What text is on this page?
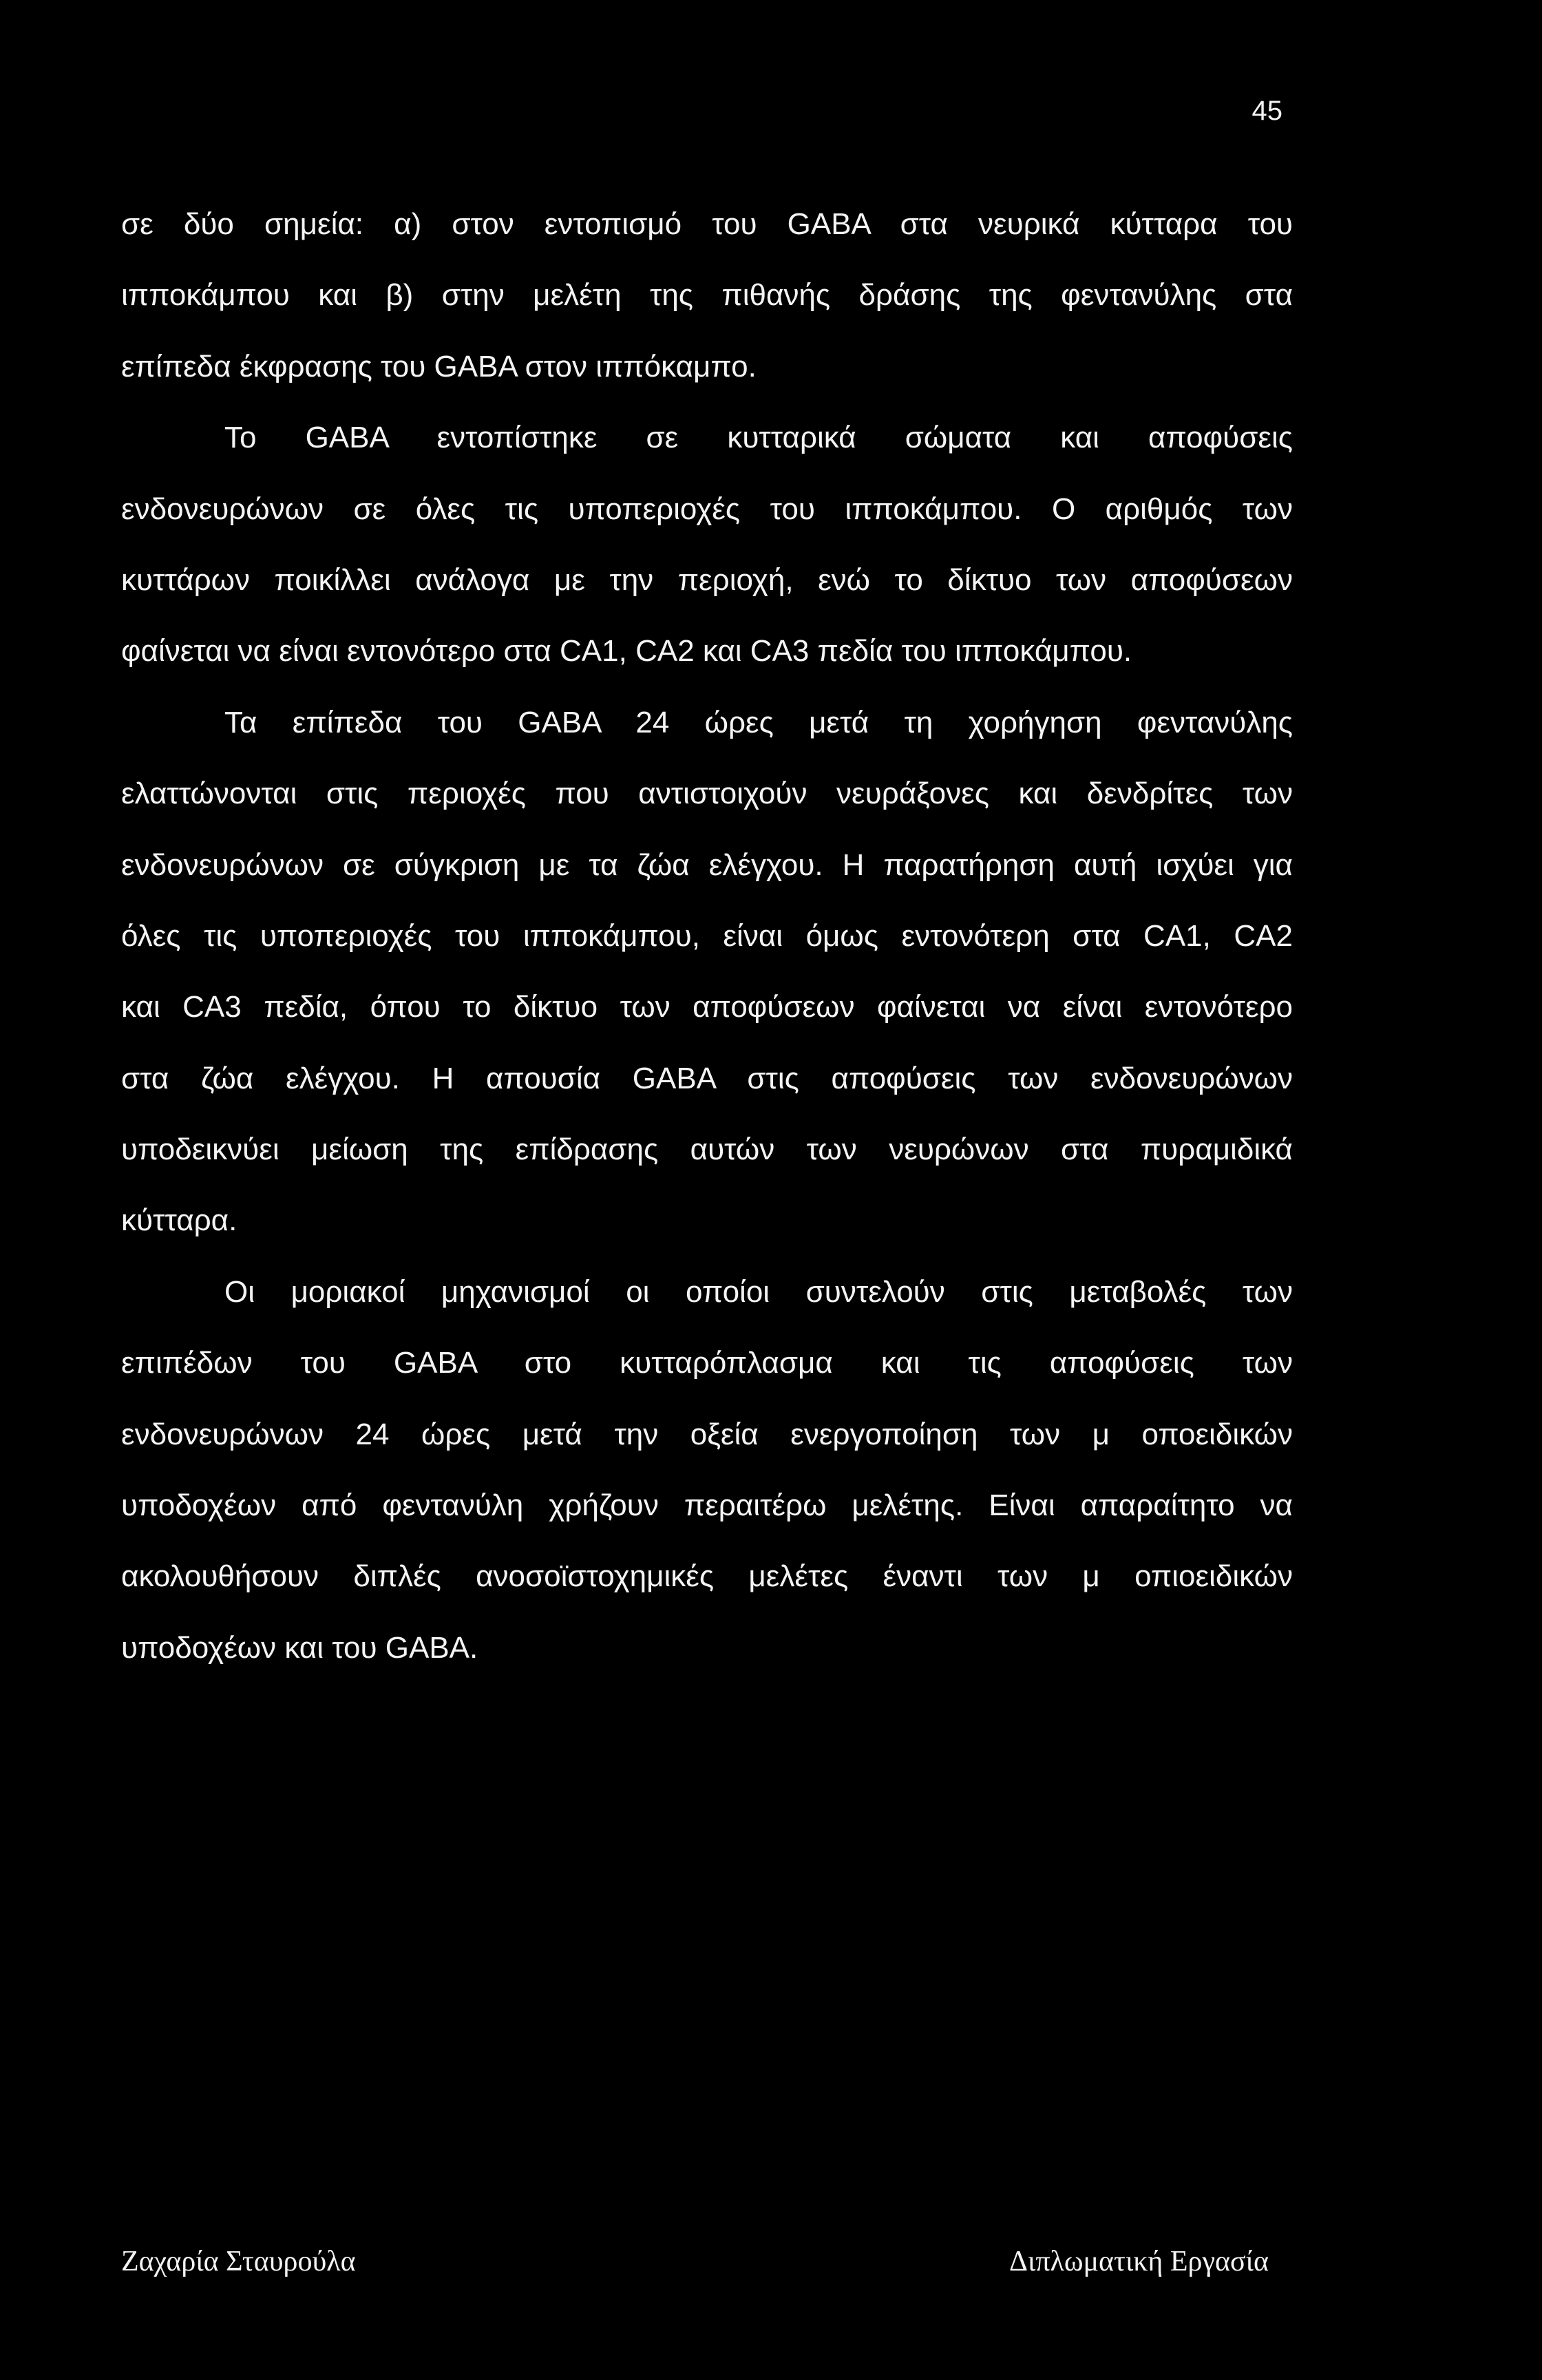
45
σε δύο σημεία: α) στον εντοπισμό του GABA στα νευρικά κύτταρα του
ιπποκάμπου και β) στην μελέτη της πιθανής δράσης της φεντανύλης στα
επίπεδα έκφρασης του GABA στον ιππόκαμπο.
Το GABA εντοπίστηκε σε κυτταρικά σώματα και αποφύσεις
ενδονευρώνων σε όλες τις υποπεριοχές του ιπποκάμπου. Ο αριθμός των
κυττάρων ποικίλλει ανάλογα με την περιοχή, ενώ το δίκτυο των αποφύσεων
φαίνεται να είναι εντονότερο στα CA1, CA2 και CA3 πεδία του ιπποκάμπου.
Τα επίπεδα του GABA 24 ώρες μετά τη χορήγηση φεντανύλης
ελαττώνονται στις περιοχές που αντιστοιχούν νευράξονες και δενδρίτες των
ενδονευρώνων σε σύγκριση με τα ζώα ελέγχου. Η παρατήρηση αυτή ισχύει για
όλες τις υποπεριοχές του ιπποκάμπου, είναι όμως εντονότερη στα CA1, CA2
και CA3 πεδία, όπου το δίκτυο των αποφύσεων φαίνεται να είναι εντονότερο
στα ζώα ελέγχου. Η απουσία GABA στις αποφύσεις των ενδονευρώνων
υποδεικνύει μείωση της επίδρασης αυτών των νευρώνων στα πυραμιδικά
κύτταρα.
Οι μοριακοί μηχανισμοί οι οποίοι συντελούν στις μεταβολές των
επιπέδων του GABA στο κυτταρόπλασμα και τις αποφύσεις των
ενδονευρώνων 24 ώρες μετά την οξεία ενεργοποίηση των μ οποειδικών
υποδοχέων από φεντανύλη χρήζουν περαιτέρω μελέτης. Είναι απαραίτητο να
ακολουθήσουν διπλές ανοσοϊστοχημικές μελέτες έναντι των μ οπιοειδικών
υποδοχέων και του GABA.
Ζαχαρία Σταυρούλα	Διπλωματική Εργασία
